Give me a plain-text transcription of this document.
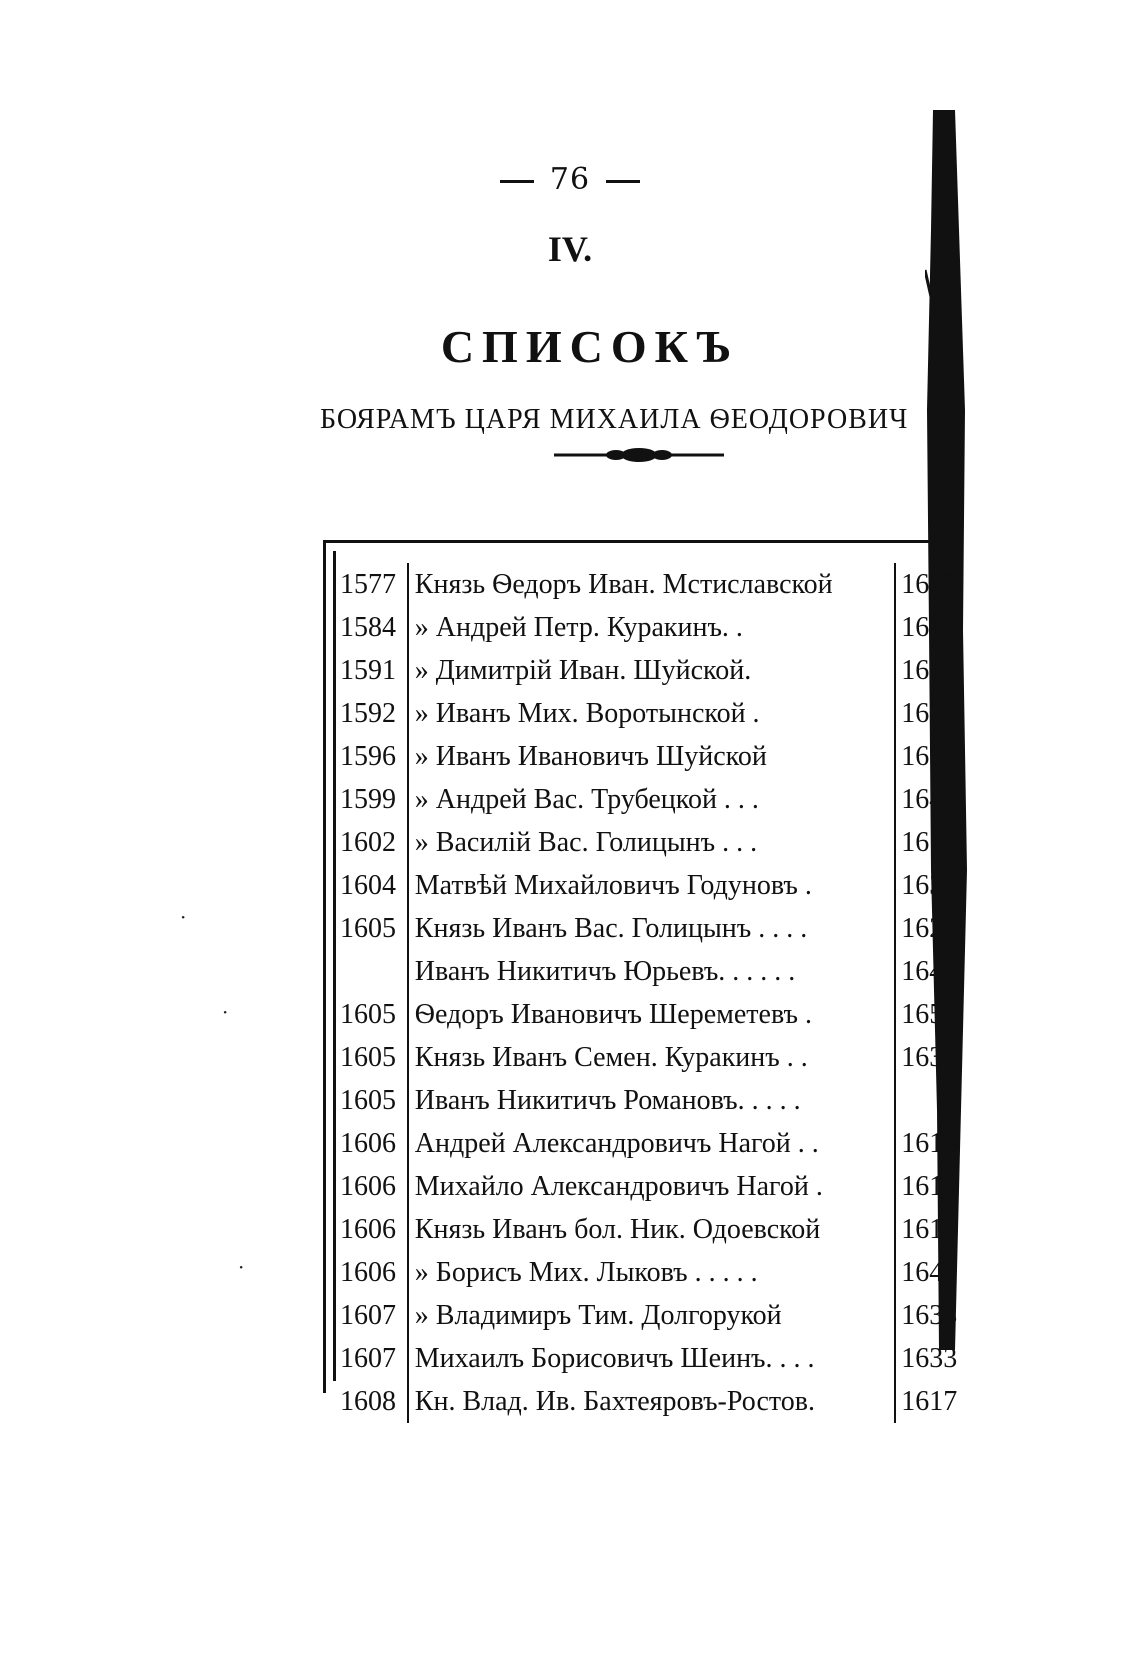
76
IV.
СПИСОКЪ
БОЯРАМЪ ЦАРЯ МИХАИЛА ѲЕОДОРОВИЧ
1577	Князь Ѳедоръ Иван. Мстиславской	1622
1584	» Андрей Петр. Куракинъ. .	1615
1591	» Димитрій Иван. Шуйской.	1613
1592	» Иванъ Мих. Воротынской .	1627
1596	» Иванъ Ивановичъ Шуйской	1638
1599	» Андрей Вас. Трубецкой . . .	1644
1602	» Василій Вас. Голицынъ . . .	1619
1604	Матвѣй Михайловичъ Годуновъ .	1639
1605	Князь Иванъ Вас. Голицынъ . . . .	1627
	Иванъ Никитичъ Юрьевъ. . . . . .	1640
1605	Ѳедоръ Ивановичъ Шереметевъ .	1650
1605	Князь Иванъ Семен. Куракинъ . .	1632
1605	Иванъ Никитичъ Романовъ. . . . .	
1606	Андрей Александровичъ Нагой . .	1618
1606	Михайло Александровичъ Нагой .	1618
1606	Князь Иванъ бол. Ник. Одоевской	1616
1606	» Борисъ Мих. Лыковъ . . . . .	1646
1607	» Владимиръ Тим. Долгорукой	1633
1607	Михаилъ Борисовичъ Шеинъ. . . .	1633
1608	Кн. Влад. Ив. Бахтеяровъ-Ростов.	1617
·
·
·
